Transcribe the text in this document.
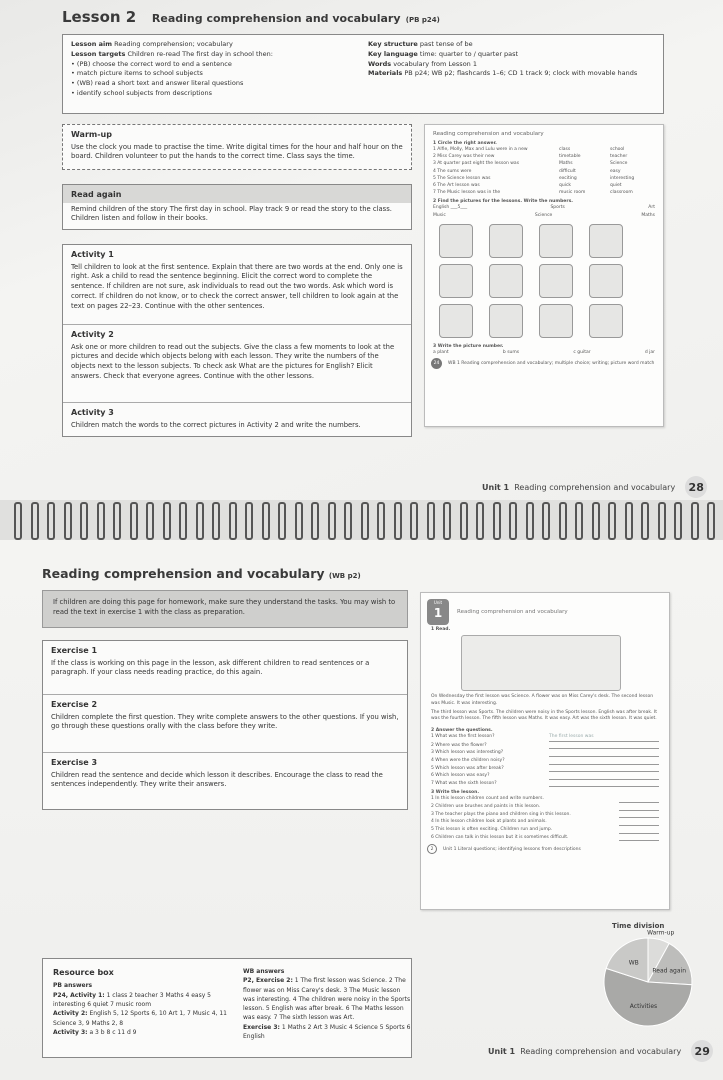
Lesson 2 Reading comprehension and vocabulary (PB p24)
Lesson aim Reading comprehension; vocabulary
Lesson targets Children re-read The first day in school then:
• (PB) choose the correct word to end a sentence
• match picture items to school subjects
• (WB) read a short text and answer literal questions
• identify school subjects from descriptions
Key structure past tense of be
Key language time: quarter to / quarter past
Words vocabulary from Lesson 1
Materials PB p24; WB p2; flashcards 1–6; CD 1 track 9; clock with movable hands
Warm-up
Use the clock you made to practise the time. Write digital times for the hour and half hour on the board. Children volunteer to put the hands to the correct time. Class says the time.
Read again
Remind children of the story The first day in school. Play track 9 or read the story to the class. Children listen and follow in their books.
Activity 1
Tell children to look at the first sentence. Explain that there are two words at the end. Only one is right. Ask a child to read the sentence beginning. Elicit the correct word to complete the sentence. If children are not sure, ask individuals to read out the two words. Ask which word is correct. If children do not know, or to check the correct answer, tell children to look again at the text on pages 22–23. Continue with the other sentences.
Activity 2
Ask one or more children to read out the subjects. Give the class a few moments to look at the pictures and decide which objects belong with each lesson. They write the numbers of the objects next to the lesson subjects. To check ask What are the pictures for English? Elicit answers. Check that everyone agrees. Continue with the other lessons.
Activity 3
Children match the words to the correct pictures in Activity 2 and write the numbers.
Reading comprehension and vocabulary
1 Circle the right answer.
1 Alfie, Molly, Max and Lulu were in a new	class	school
2 Miss Carey was their new	timetable	teacher
3 At quarter past eight the lesson was	Maths	Science
4 The sums were	difficult	easy
5 The Science lesson was	exciting	interesting
6 The Art lesson was	quick	quiet
7 The Music lesson was in the	music room	classroom
2 Find the pictures for the lessons. Write the numbers.
English ___5___	Sports	Art
Music	Science	Maths

3 Write the picture number.
a plant	b sums	c guitar	d jar
24	WB 1 Reading comprehension and vocabulary; multiple choice; writing; picture word match
Unit 1 Reading comprehension and vocabulary	28
Reading comprehension and vocabulary (WB p2)
If children are doing this page for homework, make sure they understand the tasks. You may wish to read the text in exercise 1 with the class as preparation.
Exercise 1
If the class is working on this page in the lesson, ask different children to read sentences or a paragraph. If your class needs reading practice, do this again.
Exercise 2
Children complete the first question. They write complete answers to the other questions. If you wish, go through these questions orally with the class before they write.
Exercise 3
Children read the sentence and decide which lesson it describes. Encourage the class to read the sentences independently. They write their answers.
Unit
1	Reading comprehension and vocabulary
1 Read.
On Wednesday the first lesson was Science. A flower was on Miss Carey's desk. The second lesson was Music. It was interesting.
The third lesson was Sports. The children were noisy in the Sports lesson. English was after break. It was the fourth lesson. The fifth lesson was Maths. It was easy. Art was the sixth lesson. It was quiet.
2 Answer the questions.
1 What was the first lesson?	The first lesson was
2 Where was the flower?
3 Which lesson was interesting?
4 When were the children noisy?
5 Which lesson was after break?
6 Which lesson was easy?
7 What was the sixth lesson?
3 Write the lesson.
1 In this lesson children count and write numbers.
2 Children use brushes and paints in this lesson.
3 The teacher plays the piano and children sing in this lesson.
4 In this lesson children look at plants and animals.
5 This lesson is often exciting. Children run and jump.
6 Children can talk in this lesson but it is sometimes difficult.
2	Unit 1 Literal questions; identifying lessons from descriptions
Time division
Warm-up
Read again
Activities
WB
Resource box
PB answers
P24, Activity 1: 1 class 2 teacher 3 Maths 4 easy 5 interesting 6 quiet 7 music room
Activity 2: English 5, 12 Sports 6, 10 Art 1, 7 Music 4, 11 Science 3, 9 Maths 2, 8
Activity 3: a 3 b 8 c 11 d 9
WB answers
P2, Exercise 2: 1 The first lesson was Science. 2 The flower was on Miss Carey's desk. 3 The Music lesson was interesting. 4 The children were noisy in the Sports lesson. 5 English was after break. 6 The Maths lesson was easy. 7 The sixth lesson was Art.
Exercise 3: 1 Maths 2 Art 3 Music 4 Science 5 Sports 6 English
Unit 1 Reading comprehension and vocabulary	29
